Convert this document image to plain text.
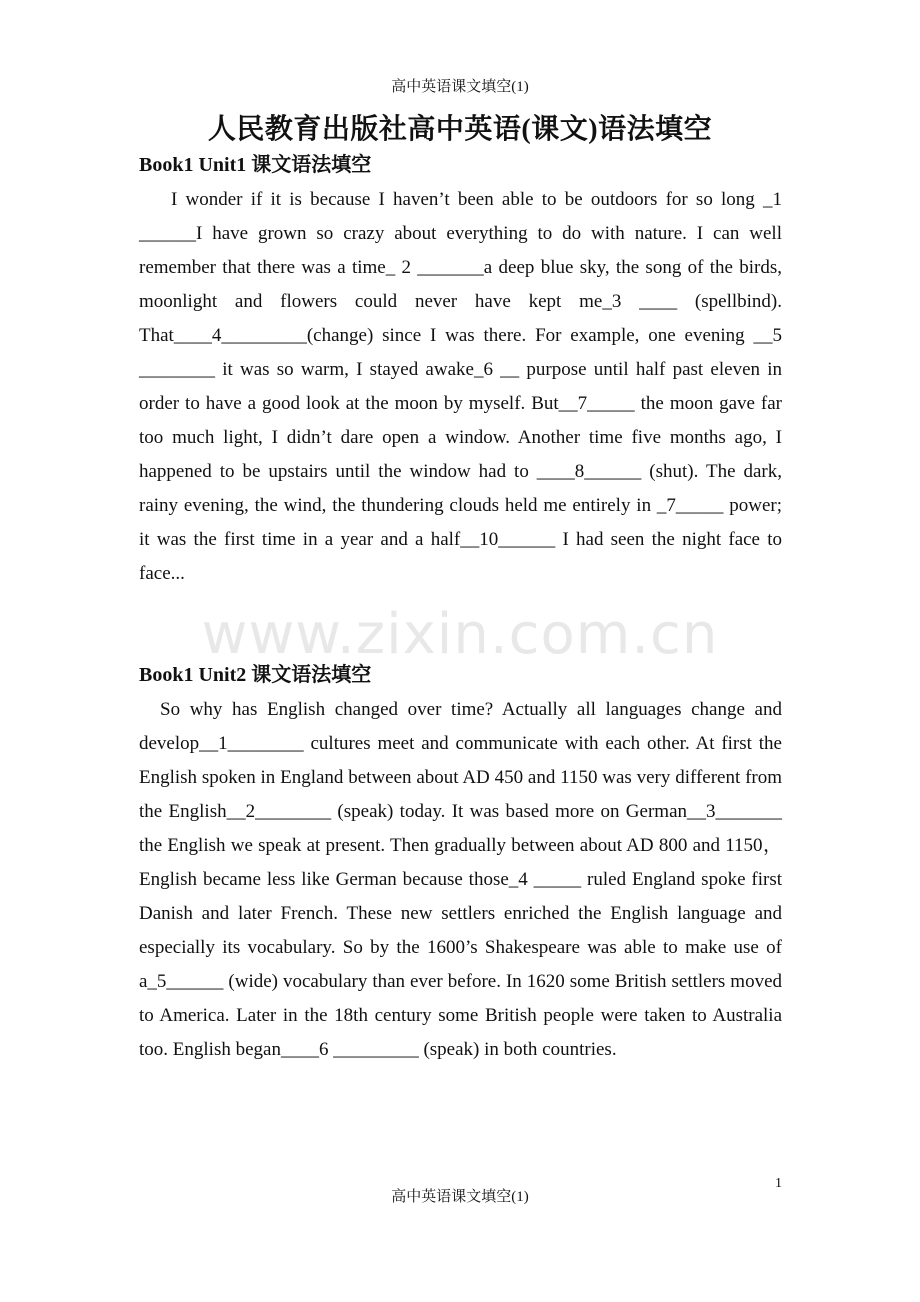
高中英语课文填空(1)
人民教育出版社高中英语(课文)语法填空
Book1 Unit1 课文语法填空

I wonder if it is because I haven’t been able to be outdoors for so long _1 ______I have grown so crazy about everything to do with nature. I can well remember that there was a time_ 2 _______a deep blue sky, the song of the birds, moonlight and flowers could never have kept me_3 ____ (spellbind). That____4_________(change) since I was there. For example, one evening __5 ________ it was so warm, I stayed awake_6 __ purpose until half past eleven in order to have a good look at the moon by myself. But__7_____ the moon gave far too much light, I didn’t dare open a window. Another time five months ago, I happened to be upstairs until the window had to ____8______ (shut). The dark, rainy evening, the wind, the thundering clouds held me entirely in _7_____ power; it was the first time in a year and a half__10______ I had seen the night face to face...

www.zixin.com.cn
Book1 Unit2 课文语法填空

So why has English changed over time? Actually all languages change and develop__1________ cultures meet and communicate with each other. At first the English spoken in England between about AD 450 and 1150 was very different from the English__2________ (speak) today. It was based more on German__3_______ the English we speak at present. Then gradually between about AD 800 and 1150， English became less like German because those_4 _____ ruled England spoke first Danish and later French. These new settlers enriched the English language and especially its vocabulary. So by the 1600’s Shakespeare was able to make use of a_5______ (wide) vocabulary than ever before. In 1620 some British settlers moved to America. Later in the 18th century some British people were taken to Australia too. English began____6 _________ (speak) in both countries.

1
高中英语课文填空(1)
